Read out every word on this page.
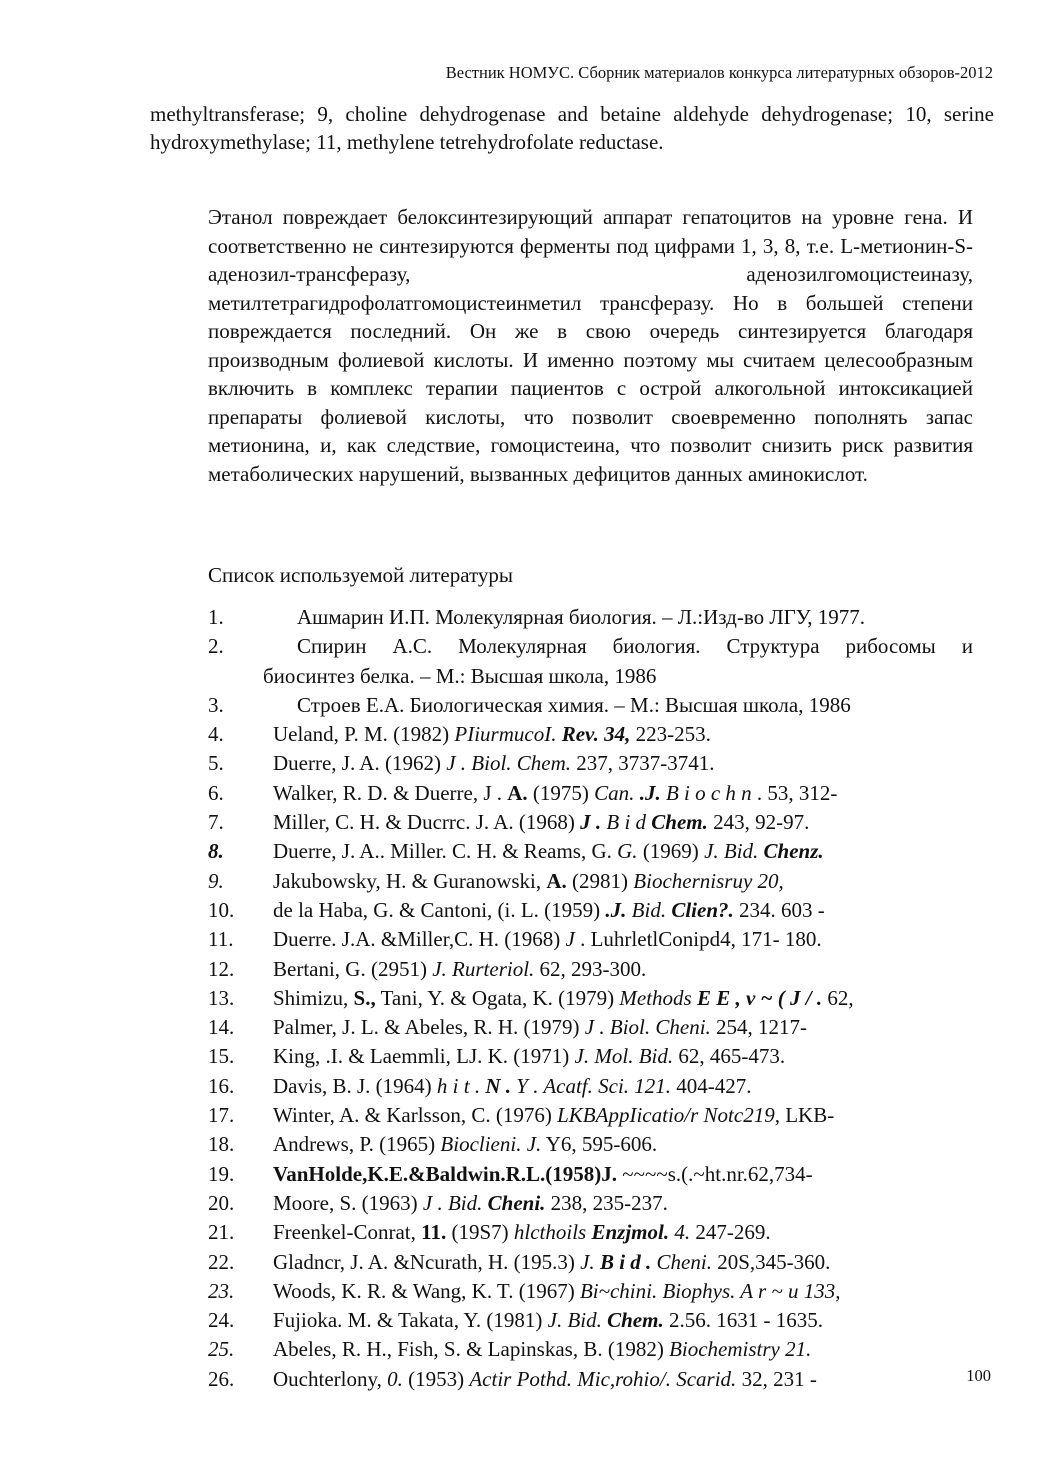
Вестник НОМУС. Сборник материалов конкурса литературных обзоров-2012

methyltransferase; 9, choline dehydrogenase and betaine aldehyde dehydrogenase; 10, serine hydroxymethylase; 11, methylene tetrehydrofolate reductase.

Этанол повреждает белоксинтезирующий аппарат гепатоцитов на уровне гена. И соответственно не синтезируются ферменты под цифрами 1, 3, 8, т.е. L-метионин-S-аденозил-трансферазу, аденозилгомоцистеиназу, метилтетрагидрофолатгомоцистеинметил трансферазу. Но в большей степени повреждается последний. Он же в свою очередь синтезируется благодаря производным фолиевой кислоты. И именно поэтому мы считаем целесообразным включить в комплекс терапии пациентов с острой алкогольной интоксикацией препараты фолиевой кислоты, что позволит своевременно пополнять запас метионина, и, как следствие, гомоцистеина, что позволит снизить риск развития метаболических нарушений, вызванных дефицитов данных аминокислот.

Список используемой литературы

1.	Ашмарин И.П. Молекулярная биология. – Л.:Изд-во ЛГУ, 1977.
2.	Спирин А.С. Молекулярная биология. Структура рибосомы и
биосинтез белка. – М.: Высшая школа, 1986
3.	Строев Е.А. Биологическая химия. – М.: Высшая школа, 1986
4. Ueland, P. M. (1982) PIiurmucoI. Rev. 34, 223-253.
5. Duerre, J. A. (1962) J . Biol. Chem. 237, 3737-3741.
6. Walker, R. D. & Duerre, J . A. (1975) Can. .J. B i o c h n . 53, 312-
7. Miller, C. H. & Ducrrc. J. A. (1968) J . B i d Chem. 243, 92-97.
8. Duerre, J. A.. Miller. C. H. & Reams, G. G. (1969) J. Bid. Chenz.
9. Jakubowsky, H. & Guranowski, A. (2981) Biochernisruy 20,
10. de la Haba, G. & Cantoni, (i. L. (1959) .J. Bid. Clien?. 234. 603 -
11. Duerre. J.A. &Miller,C. H. (1968) J . LuhrletlConipd4, 171- 180.
12. Bertani, G. (2951) J. Rurteriol. 62, 293-300.
13. Shimizu, S., Tani, Y. & Ogata, K. (1979) Methods E E , v ~ ( J / . 62,
14. Palmer, J. L. & Abeles, R. H. (1979) J . Biol. Cheni. 254, 1217-
15. King, .I. & Laemmli, LJ. K. (1971) J. Mol. Bid. 62, 465-473.
16. Davis, B. J. (1964) h i t . N . Y . Acatf. Sci. 121. 404-427.
17. Winter, A. & Karlsson, C. (1976) LKBAppIicatio/r Notc219, LKB-
18. Andrews, P. (1965) Bioclieni. J. Y6, 595-606.
19. VanHolde,K.E.&Baldwin.R.L.(1958)J. ~~~~s.(.~ht.nr.62,734-
20. Moore, S. (1963) J . Bid. Cheni. 238, 235-237.
21. Freenkel-Conrat, 11. (19S7) hlcthoils Enzjmol. 4. 247-269.
22. Gladncr, J. A. &Ncurath, H. (195.3) J. B i d . Cheni. 20S,345-360.
23. Woods, K. R. & Wang, K. T. (1967) Bi~chini. Biophys. A r ~ u 133,
24. Fujioka. M. & Takata, Y. (1981) J. Bid. Chem. 2.56. 1631 - 1635.
25. Abeles, R. H., Fish, S. & Lapinskas, B. (1982) Biochemistry 21.
26. Ouchterlony, 0. (1953) Actir Pothd. Mic,rohio/. Scarid. 32, 231 -	100
